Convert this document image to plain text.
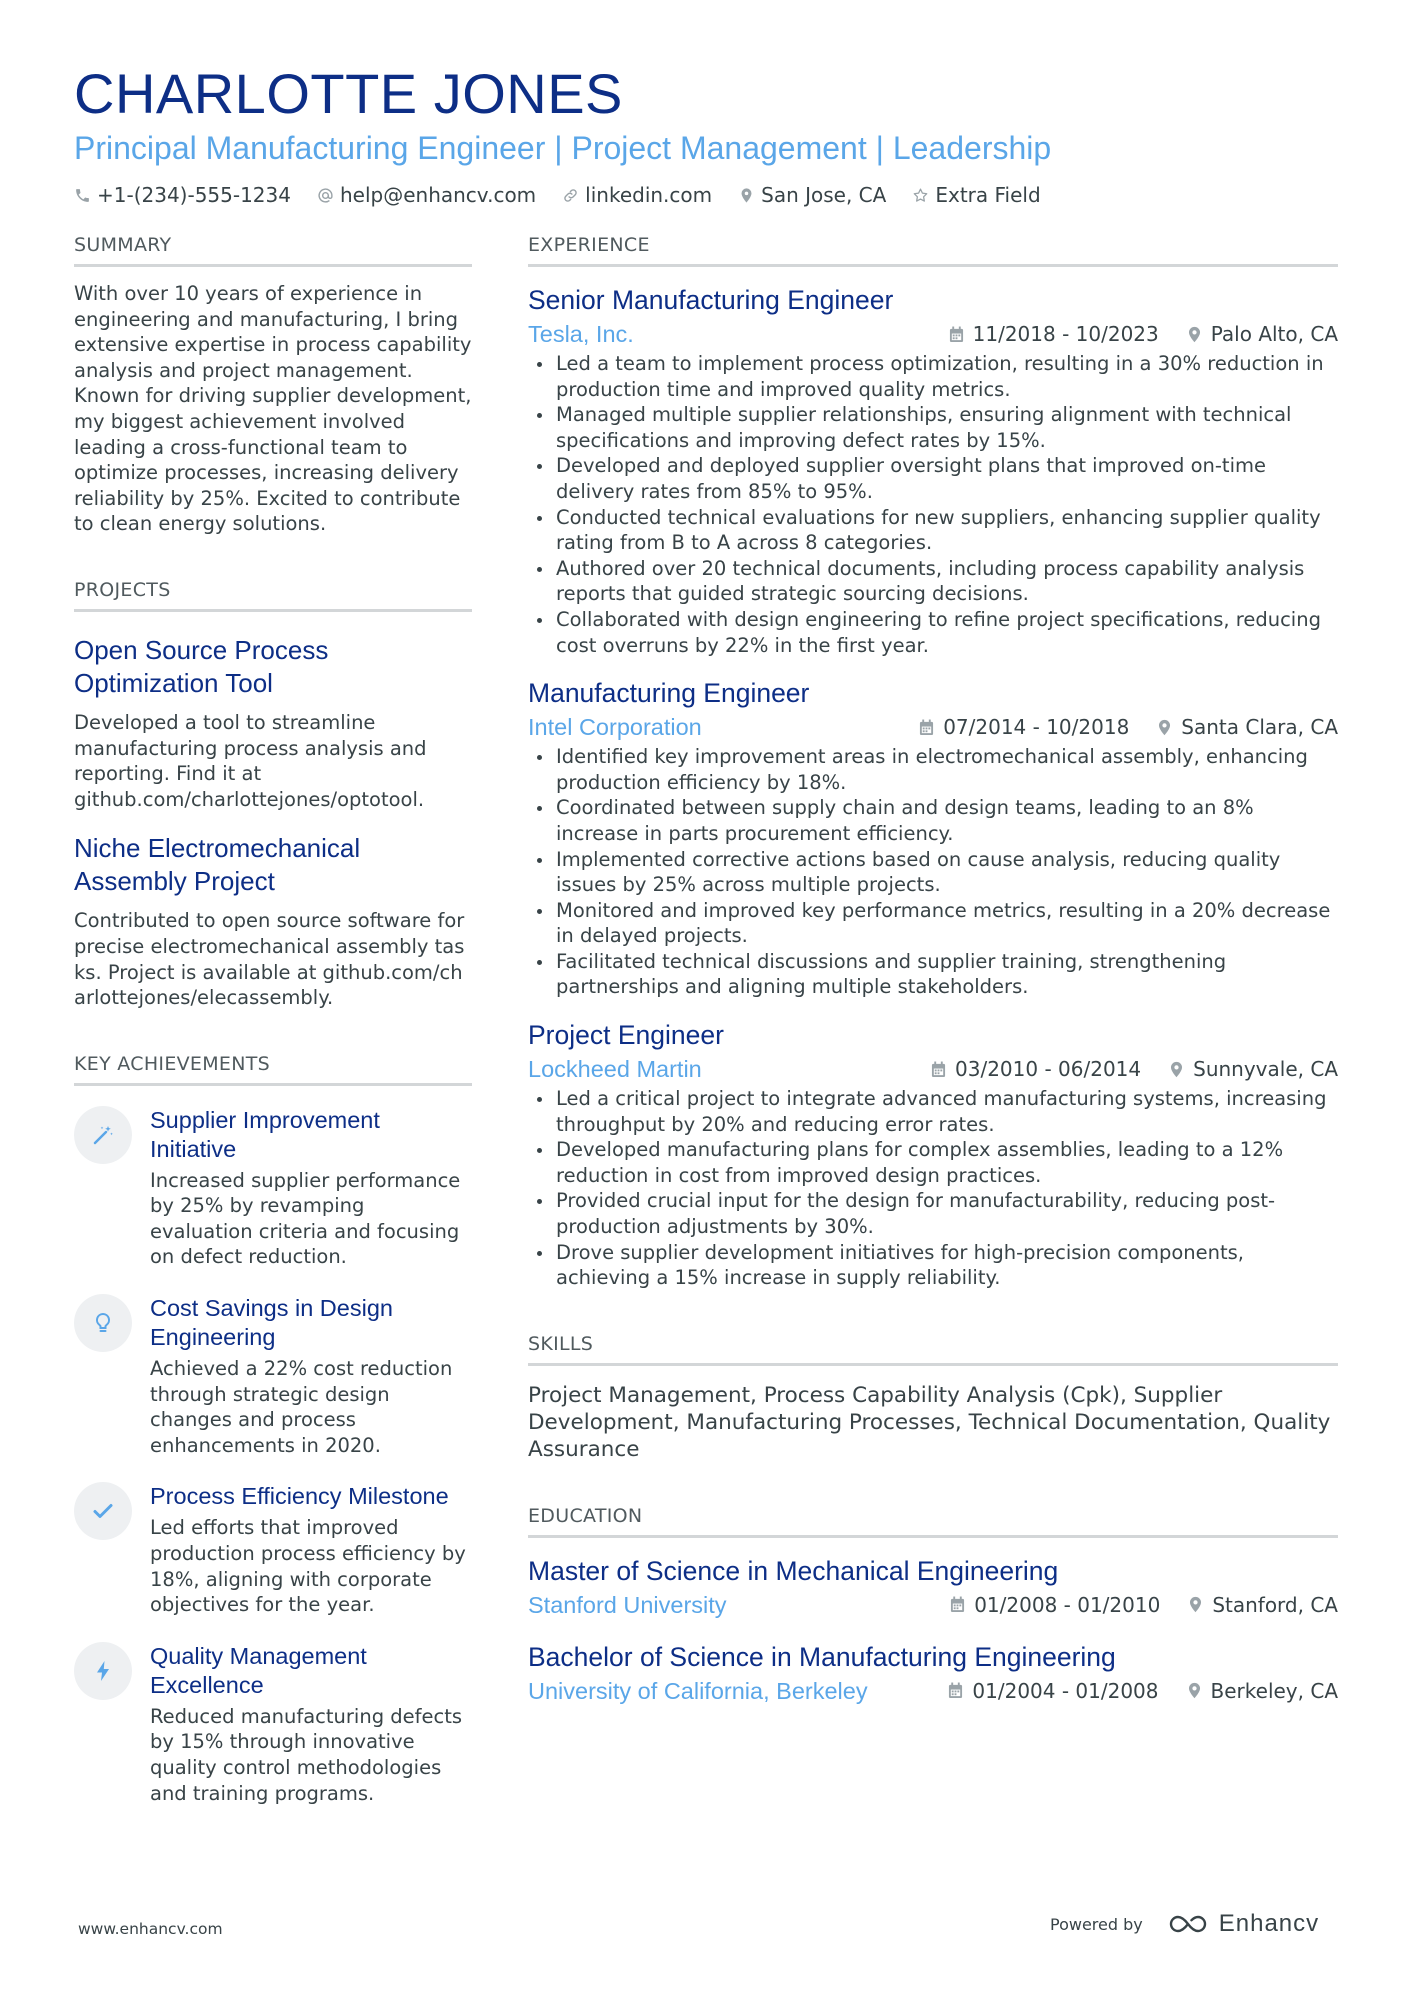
CHARLOTTE JONES
Principal Manufacturing Engineer | Project Management | Leadership
+1-(234)-555-1234 help@enhancv.com linkedin.com San Jose, CA Extra Field
SUMMARY
With over 10 years of experience in engineering and manufacturing, I bring extensive expertise in process capability analysis and project management. Known for driving supplier development, my biggest achievement involved leading a cross-functional team to optimize processes, increasing delivery reliability by 25%. Excited to contribute to clean energy solutions.
PROJECTS
Open Source Process Optimization Tool
Developed a tool to streamline manufacturing process analysis and reporting. Find it at github.com/charlottejones/optotool.
Niche Electromechanical Assembly Project
Contributed to open source software for precise electromechanical assembly tasks. Project is available at github.com/charlottejones/elecassembly.
KEY ACHIEVEMENTS
Supplier Improvement Initiative
Increased supplier performance by 25% by revamping evaluation criteria and focusing on defect reduction.
Cost Savings in Design Engineering
Achieved a 22% cost reduction through strategic design changes and process enhancements in 2020.
Process Efficiency Milestone
Led efforts that improved production process efficiency by 18%, aligning with corporate objectives for the year.
Quality Management Excellence
Reduced manufacturing defects by 15% through innovative quality control methodologies and training programs.
EXPERIENCE
Senior Manufacturing Engineer
Tesla, Inc.	11/2018 - 10/2023	Palo Alto, CA
Led a team to implement process optimization, resulting in a 30% reduction in production time and improved quality metrics.
Managed multiple supplier relationships, ensuring alignment with technical specifications and improving defect rates by 15%.
Developed and deployed supplier oversight plans that improved on-time delivery rates from 85% to 95%.
Conducted technical evaluations for new suppliers, enhancing supplier quality rating from B to A across 8 categories.
Authored over 20 technical documents, including process capability analysis reports that guided strategic sourcing decisions.
Collaborated with design engineering to refine project specifications, reducing cost overruns by 22% in the first year.
Manufacturing Engineer
Intel Corporation	07/2014 - 10/2018	Santa Clara, CA
Identified key improvement areas in electromechanical assembly, enhancing production efficiency by 18%.
Coordinated between supply chain and design teams, leading to an 8% increase in parts procurement efficiency.
Implemented corrective actions based on cause analysis, reducing quality issues by 25% across multiple projects.
Monitored and improved key performance metrics, resulting in a 20% decrease in delayed projects.
Facilitated technical discussions and supplier training, strengthening partnerships and aligning multiple stakeholders.
Project Engineer
Lockheed Martin	03/2010 - 06/2014	Sunnyvale, CA
Led a critical project to integrate advanced manufacturing systems, increasing throughput by 20% and reducing error rates.
Developed manufacturing plans for complex assemblies, leading to a 12% reduction in cost from improved design practices.
Provided crucial input for the design for manufacturability, reducing post-production adjustments by 30%.
Drove supplier development initiatives for high-precision components, achieving a 15% increase in supply reliability.
SKILLS
Project Management, Process Capability Analysis (Cpk), Supplier Development, Manufacturing Processes, Technical Documentation, Quality Assurance
EDUCATION
Master of Science in Mechanical Engineering
Stanford University	01/2008 - 01/2010	Stanford, CA
Bachelor of Science in Manufacturing Engineering
University of California, Berkeley	01/2004 - 01/2008	Berkeley, CA
www.enhancv.com	Powered by	Enhancv
